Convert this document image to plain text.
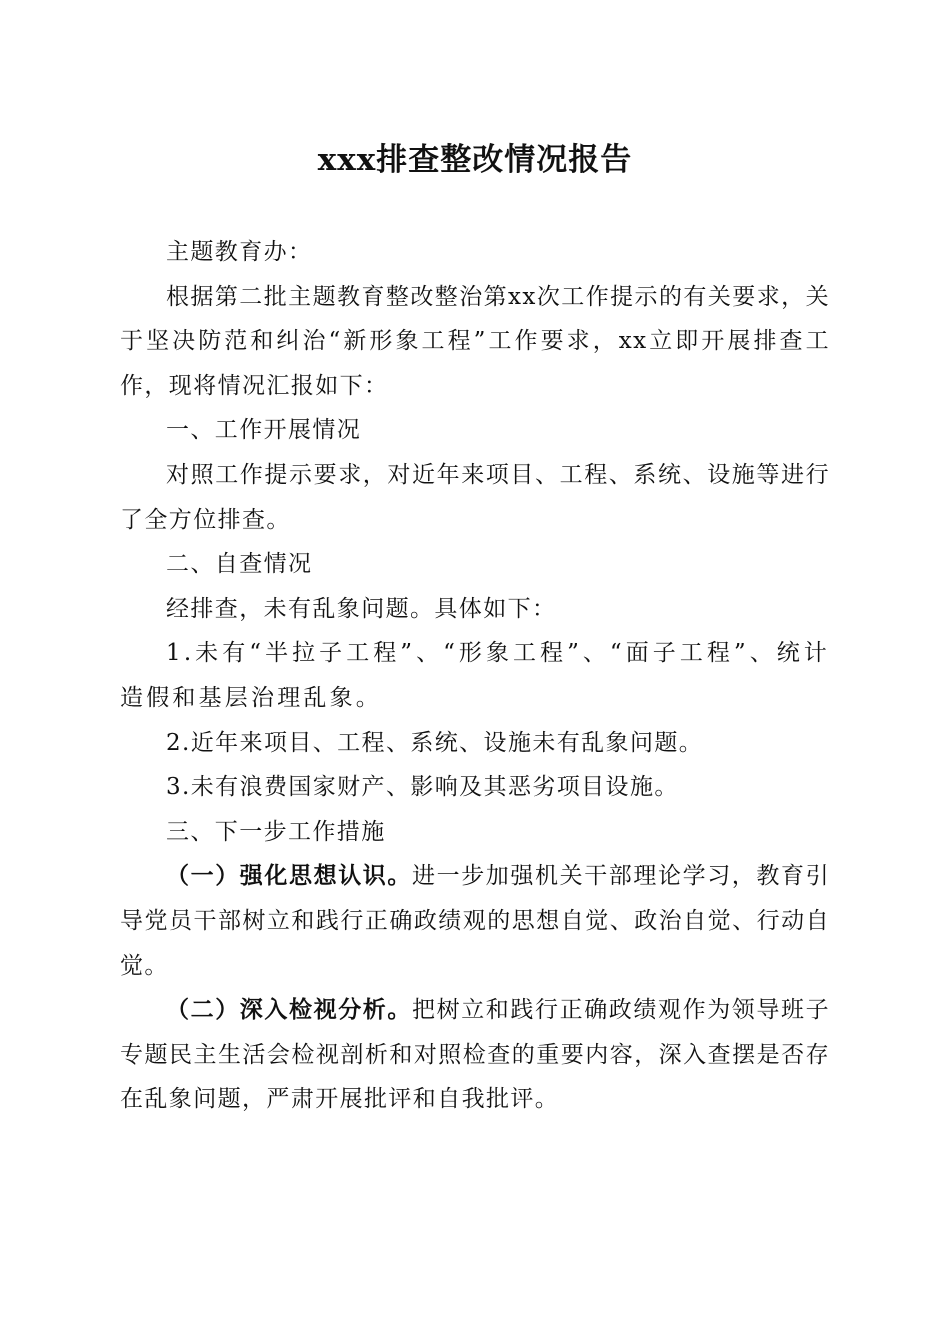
xxx排查整改情况报告

主题教育办：

根据第二批主题教育整改整治第xx次工作提示的有关要求，关于坚决防范和纠治“新形象工程”工作要求，xx立即开展排查工作，现将情况汇报如下：

一、工作开展情况

对照工作提示要求，对近年来项目、工程、系统、设施等进行了全方位排查。

二、自查情况

经排查，未有乱象问题。具体如下：

1.未有“半拉子工程”、“形象工程”、“面子工程”、统计造假和基层治理乱象。

2.近年来项目、工程、系统、设施未有乱象问题。

3.未有浪费国家财产、影响及其恶劣项目设施。

三、下一步工作措施

（一）强化思想认识。进一步加强机关干部理论学习，教育引导党员干部树立和践行正确政绩观的思想自觉、政治自觉、行动自觉。

（二）深入检视分析。把树立和践行正确政绩观作为领导班子专题民主生活会检视剖析和对照检查的重要内容，深入查摆是否存在乱象问题，严肃开展批评和自我批评。
